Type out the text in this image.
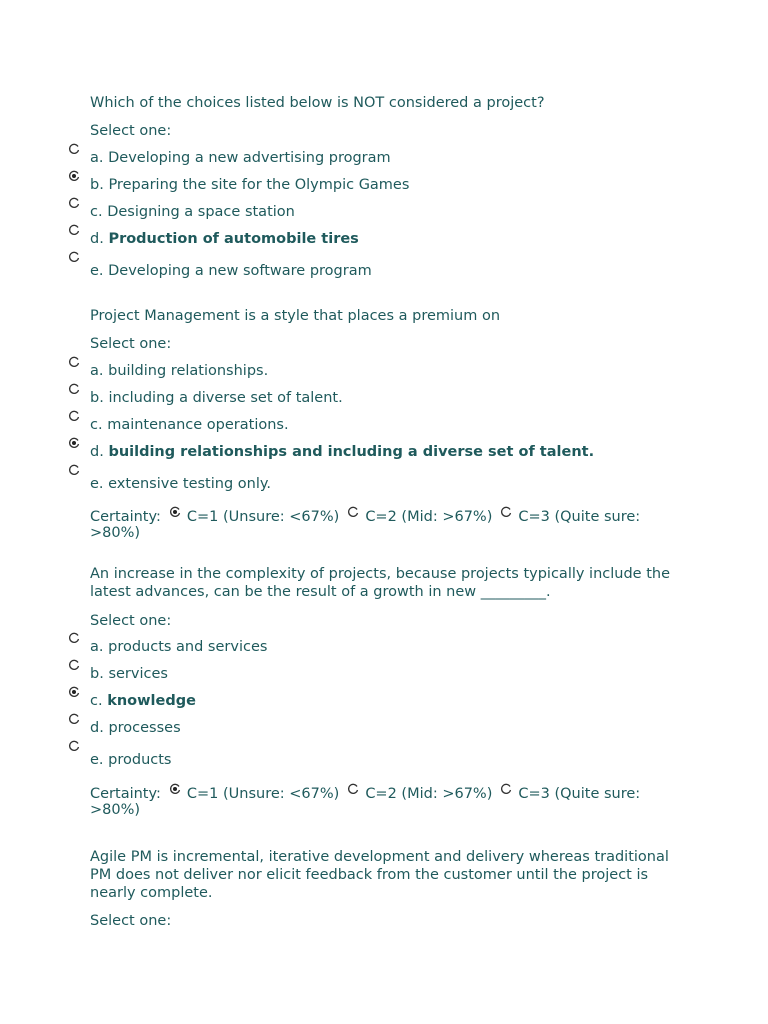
Which of the choices listed below is NOT considered a project?
Select one:
a. Developing a new advertising program
b. Preparing the site for the Olympic Games
c. Designing a space station
d. Production of automobile tires
e. Developing a new software program
Project Management is a style that places a premium on
Select one:
a. building relationships.
b. including a diverse set of talent.
c. maintenance operations.
d. building relationships and including a diverse set of talent.
e. extensive testing only.
Certainty: C=1 (Unsure: <67%) C=2 (Mid: >67%) C=3 (Quite sure:
>80%)
An increase in the complexity of projects, because projects typically include the latest advances, can be the result of a growth in new _________.
Select one:
a. products and services
b. services
c. knowledge
d. processes
e. products
Certainty: C=1 (Unsure: <67%) C=2 (Mid: >67%) C=3 (Quite sure:
>80%)
Agile PM is incremental, iterative development and delivery whereas traditional PM does not deliver nor elicit feedback from the customer until the project is nearly complete.
Select one:
